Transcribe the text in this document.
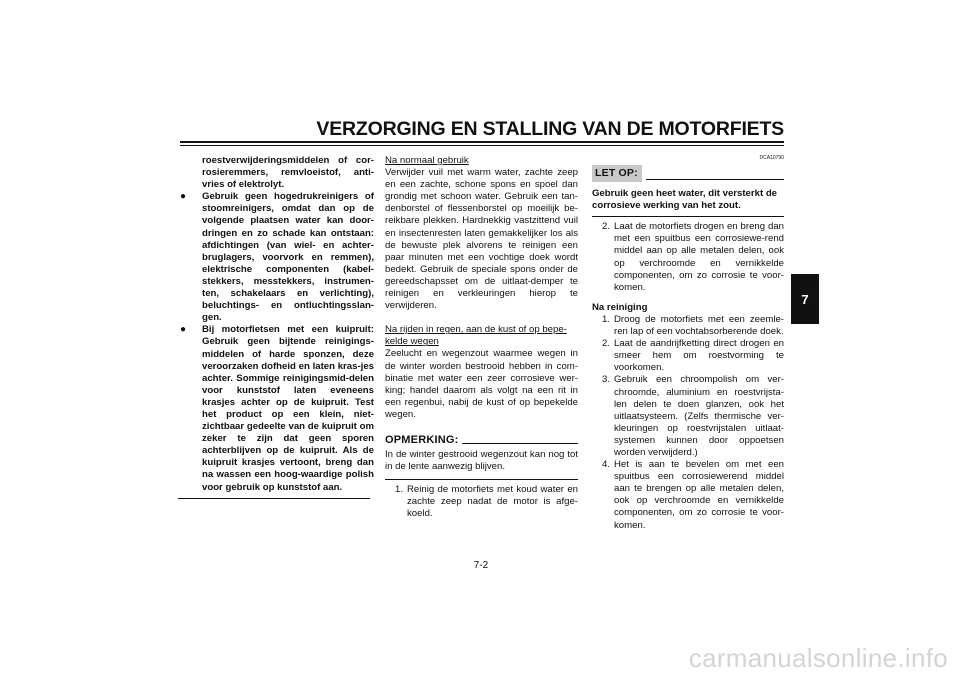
VERZORGING EN STALLING VAN DE MOTORFIETS
roestverwijderingsmiddelen of cor-rosieremmers, remvloeistof, anti-vries of elektrolyt.
● Gebruik geen hogedrukreinigers of stoomreinigers, omdat dan op de volgende plaatsen water kan door-dringen en zo schade kan ontstaan: afdichtingen (van wiel- en achter-bruglagers, voorvork en remmen), elektrische componenten (kabel-stekkers, messtekkers, instrumen-ten, schakelaars en verlichting), beluchtings- en ontluchtingsslan-gen.
● Bij motorfietsen met een kuipruit: Gebruik geen bijtende reinigings-middelen of harde sponzen, deze veroorzaken dofheid en laten kras-jes achter. Sommige reinigingsmid-delen voor kunststof laten eveneens krasjes achter op de kuipruit. Test het product op een klein, niet-zichtbaar gedeelte van de kuipruit om zeker te zijn dat geen sporen achterblijven op de kuipruit. Als de kuipruit krasjes vertoont, breng dan na wassen een hoog-waardige polish voor gebruik op kunststof aan.
Na normaal gebruik
Verwijder vuil met warm water, zachte zeep en een zachte, schone spons en spoel dan grondig met schoon water. Gebruik een tan-denborstel of flessenborstel op moeilijk be-reikbare plekken. Hardnekkig vastzittend vuil en insectenresten laten gemakkelijker los als de bewuste plek alvorens te reinigen een paar minuten met een vochtige doek wordt bedekt. Gebruik de speciale spons onder de gereedschapsset om de uitlaat-demper te reinigen en verkleuringen hierop te verwijderen.
Na rijden in regen, aan de kust of op bepe-kelde wegen
Zeelucht en wegenzout waarmee wegen in de winter worden bestrooid hebben in com-binatie met water een zeer corrosieve wer-king; handel daarom als volgt na een rit in een regenbui, nabij de kust of op bepekelde wegen.
OPMERKING:
In de winter gestrooid wegenzout kan nog tot in de lente aanwezig blijven.
1. Reinig de motorfiets met koud water en zachte zeep nadat de motor is afge-koeld.
DCA10790
LET OP:
Gebruik geen heet water, dit versterkt de corrosieve werking van het zout.
2. Laat de motorfiets drogen en breng dan met een spuitbus een corrosiewe-rend middel aan op alle metalen delen, ook op verchroomde en vernikkelde componenten, om zo corrosie te voor-komen.
Na reiniging
1. Droog de motorfiets met een zeemle-ren lap of een vochtabsorberende doek.
2. Laat de aandrijfketting direct drogen en smeer hem om roestvorming te voorkomen.
3. Gebruik een chroompolish om ver-chroomde, aluminium en roestvrijsta-len delen te doen glanzen, ook het uitlaatsysteem. (Zelfs thermische ver-kleuringen op roestvrijstalen uitlaat-systemen kunnen door oppoetsen worden verwijderd.)
4. Het is aan te bevelen om met een spuitbus een corrosiewerend middel aan te brengen op alle metalen delen, ook op verchroomde en vernikkelde componenten, om zo corrosie te voor-komen.
7
7-2
carmanualsonline.info
